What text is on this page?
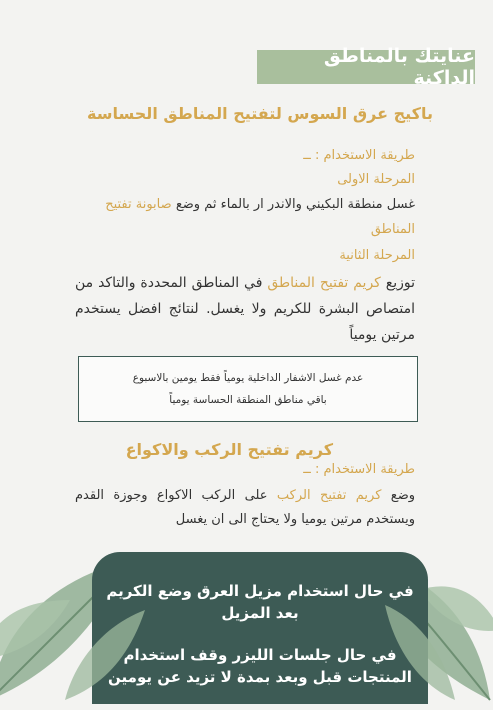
عنايتك بالمناطق الداكنة
باكيج عرق السوس لتفتيح المناطق الحساسة
طريقة الاستخدام : ــ
المرحلة الاولى
غسل منطقة البكيني والاندر ار بالماء ثم وضع صابونة تفتيح
المناطق
المرحلة الثانية
توزيع كريم تفتيح المناطق في المناطق المحددة والتاكد من امتصاص البشرة للكريم ولا يغسل. لنتائج افضل يستخدم مرتين يومياً
عدم غسل الاشفار الداخلية يومياً فقط يومين بالاسبوع
باقي مناطق المنطقة الحساسة يومياً
كريم تفتيح الركب والاكواع
طريقة الاستخدام : ــ
وضع كريم تفتيح الركب على الركب الاكواع وجوزة القدم ويستخدم مرتين يوميا ولا يحتاج الى ان يغسل
في حال استخدام مزيل العرق وضع الكريم
بعد المزيل
في حال جلسات الليزر وقف استخدام
المنتجات قبل وبعد بمدة لا تزيد عن يومين
